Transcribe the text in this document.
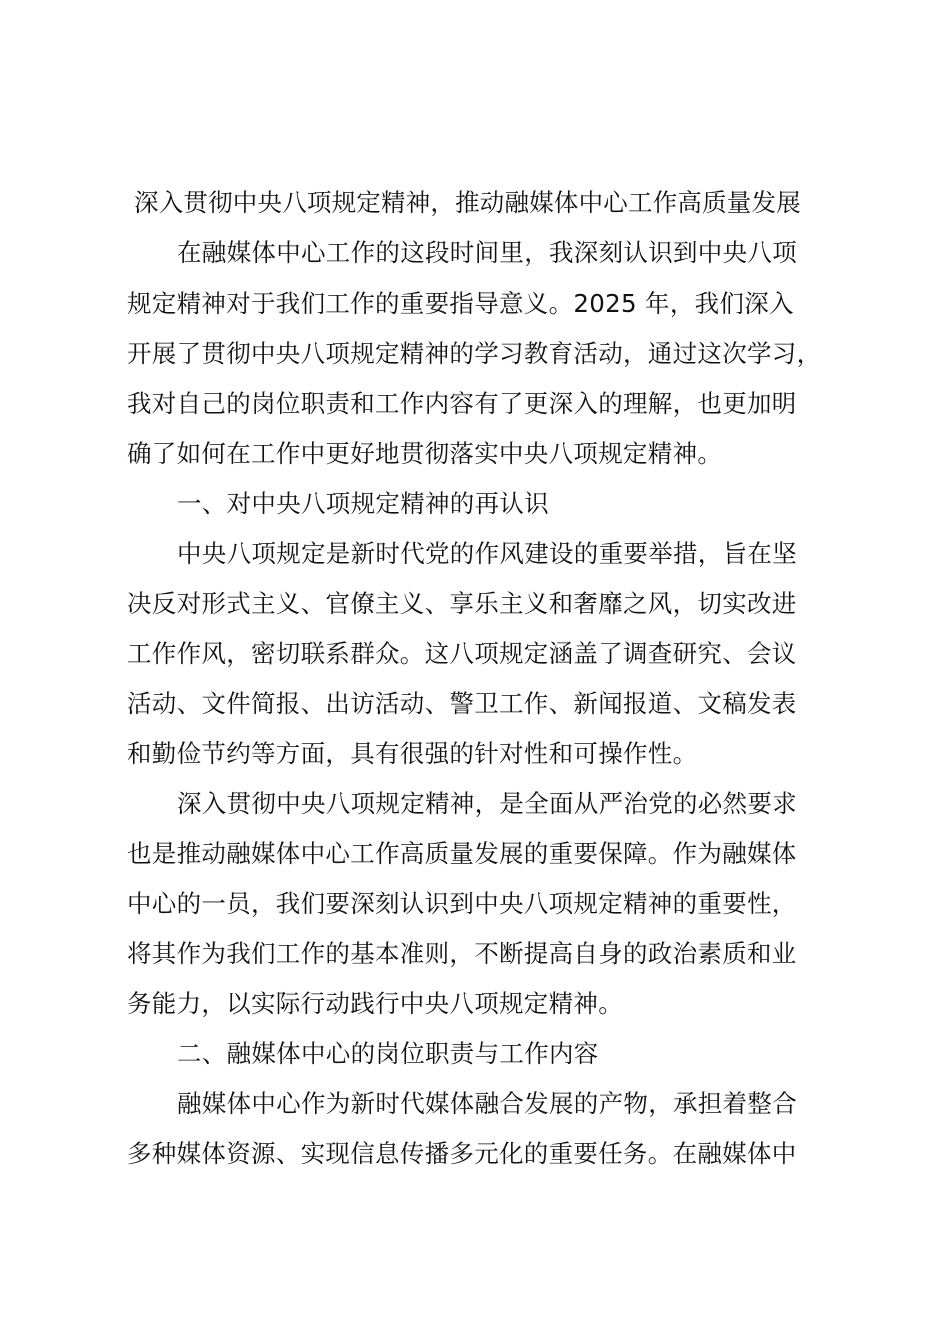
深入贯彻中央八项规定精神，推动融媒体中心工作高质量发展
在融媒体中心工作的这段时间里，我深刻认识到中央八项
规定精神对于我们工作的重要指导意义。2025 年，我们深入
开展了贯彻中央八项规定精神的学习教育活动，通过这次学习，
我对自己的岗位职责和工作内容有了更深入的理解，也更加明
确了如何在工作中更好地贯彻落实中央八项规定精神。
一、对中央八项规定精神的再认识
中央八项规定是新时代党的作风建设的重要举措，旨在坚
决反对形式主义、官僚主义、享乐主义和奢靡之风，切实改进
工作作风，密切联系群众。这八项规定涵盖了调查研究、会议
活动、文件简报、出访活动、警卫工作、新闻报道、文稿发表
和勤俭节约等方面，具有很强的针对性和可操作性。
深入贯彻中央八项规定精神，是全面从严治党的必然要求
也是推动融媒体中心工作高质量发展的重要保障。作为融媒体
中心的一员，我们要深刻认识到中央八项规定精神的重要性，
将其作为我们工作的基本准则，不断提高自身的政治素质和业
务能力，以实际行动践行中央八项规定精神。
二、融媒体中心的岗位职责与工作内容
融媒体中心作为新时代媒体融合发展的产物，承担着整合
多种媒体资源、实现信息传播多元化的重要任务。在融媒体中
